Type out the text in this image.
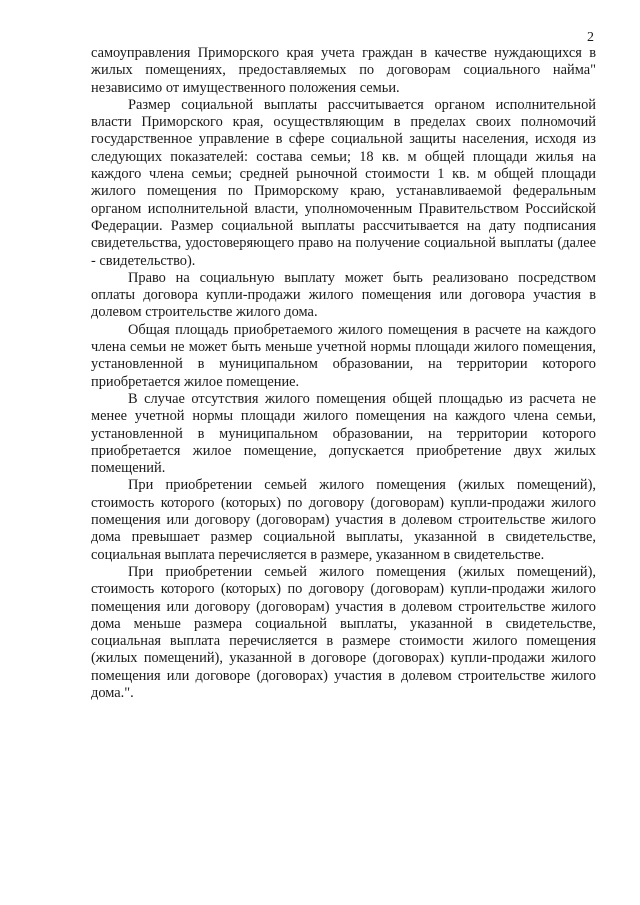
2

самоуправления Приморского края учета граждан в качестве нуждающихся в жилых помещениях, предоставляемых по договорам социального найма" независимо от имущественного положения семьи.

Размер социальной выплаты рассчитывается органом исполнительной власти Приморского края, осуществляющим в пределах своих полномочий государственное управление в сфере социальной защиты населения, исходя из следующих показателей: состава семьи; 18 кв. м общей площади жилья на каждого члена семьи; средней рыночной стоимости 1 кв. м общей площади жилого помещения по Приморскому краю, устанавливаемой федеральным органом исполнительной власти, уполномоченным Правительством Российской Федерации. Размер социальной выплаты рассчитывается на дату подписания свидетельства, удостоверяющего право на получение социальной выплаты (далее - свидетельство).

Право на социальную выплату может быть реализовано посредством оплаты договора купли-продажи жилого помещения или договора участия в долевом строительстве жилого дома.

Общая площадь приобретаемого жилого помещения в расчете на каждого члена семьи не может быть меньше учетной нормы площади жилого помещения, установленной в муниципальном образовании, на территории которого приобретается жилое помещение.

В случае отсутствия жилого помещения общей площадью из расчета не менее учетной нормы площади жилого помещения на каждого члена семьи, установленной в муниципальном образовании, на территории которого приобретается жилое помещение, допускается приобретение двух жилых помещений.

При приобретении семьей жилого помещения (жилых помещений), стоимость которого (которых) по договору (договорам) купли-продажи жилого помещения или договору (договорам) участия в долевом строительстве жилого дома превышает размер социальной выплаты, указанной в свидетельстве, социальная выплата перечисляется в размере, указанном в свидетельстве.

При приобретении семьей жилого помещения (жилых помещений), стоимость которого (которых) по договору (договорам) купли-продажи жилого помещения или договору (договорам) участия в долевом строительстве жилого дома меньше размера социальной выплаты, указанной в свидетельстве, социальная выплата перечисляется в размере стоимости жилого помещения (жилых помещений), указанной в договоре (договорах) купли-продажи жилого помещения или договоре (договорах) участия в долевом строительстве жилого дома.".
